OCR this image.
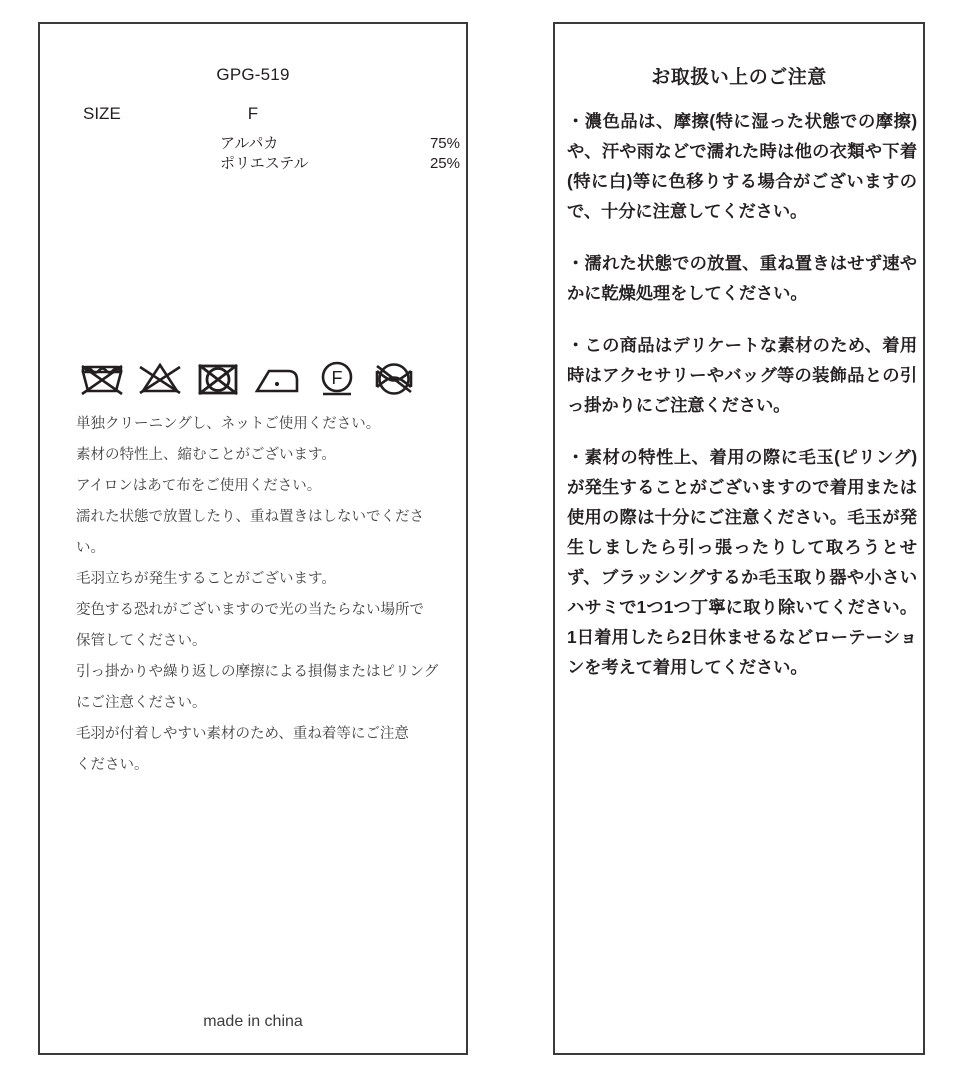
GPG-519
SIZE	F
アルパカ	75%
ポリエステル	25%
F
単独クリーニングし、ネットご使用ください。
素材の特性上、縮むことがございます。
アイロンはあて布をご使用ください。
濡れた状態で放置したり、重ね置きはしないでくださ
い。
毛羽立ちが発生することがございます。
変色する恐れがございますので光の当たらない場所で
保管してください。
引っ掛かりや繰り返しの摩擦による損傷またはピリング
にご注意ください。
毛羽が付着しやすい素材のため、重ね着等にご注意
ください。
made in china
お取扱い上のご注意

・濃色品は、摩擦(特に湿った状態での摩擦)や、汗や雨などで濡れた時は他の衣類や下着(特に白)等に色移りする場合がございますので、十分に注意してください。

・濡れた状態での放置、重ね置きはせず速やかに乾燥処理をしてください。

・この商品はデリケートな素材のため、着用時はアクセサリーやバッグ等の装飾品との引っ掛かりにご注意ください。

・素材の特性上、着用の際に毛玉(ピリング)が発生することがございますので着用または使用の際は十分にご注意ください。毛玉が発生しましたら引っ張ったりして取ろうとせず、ブラッシングするか毛玉取り器や小さいハサミで1つ1つ丁寧に取り除いてください。1日着用したら2日休ませるなどローテーションを考えて着用してください。
